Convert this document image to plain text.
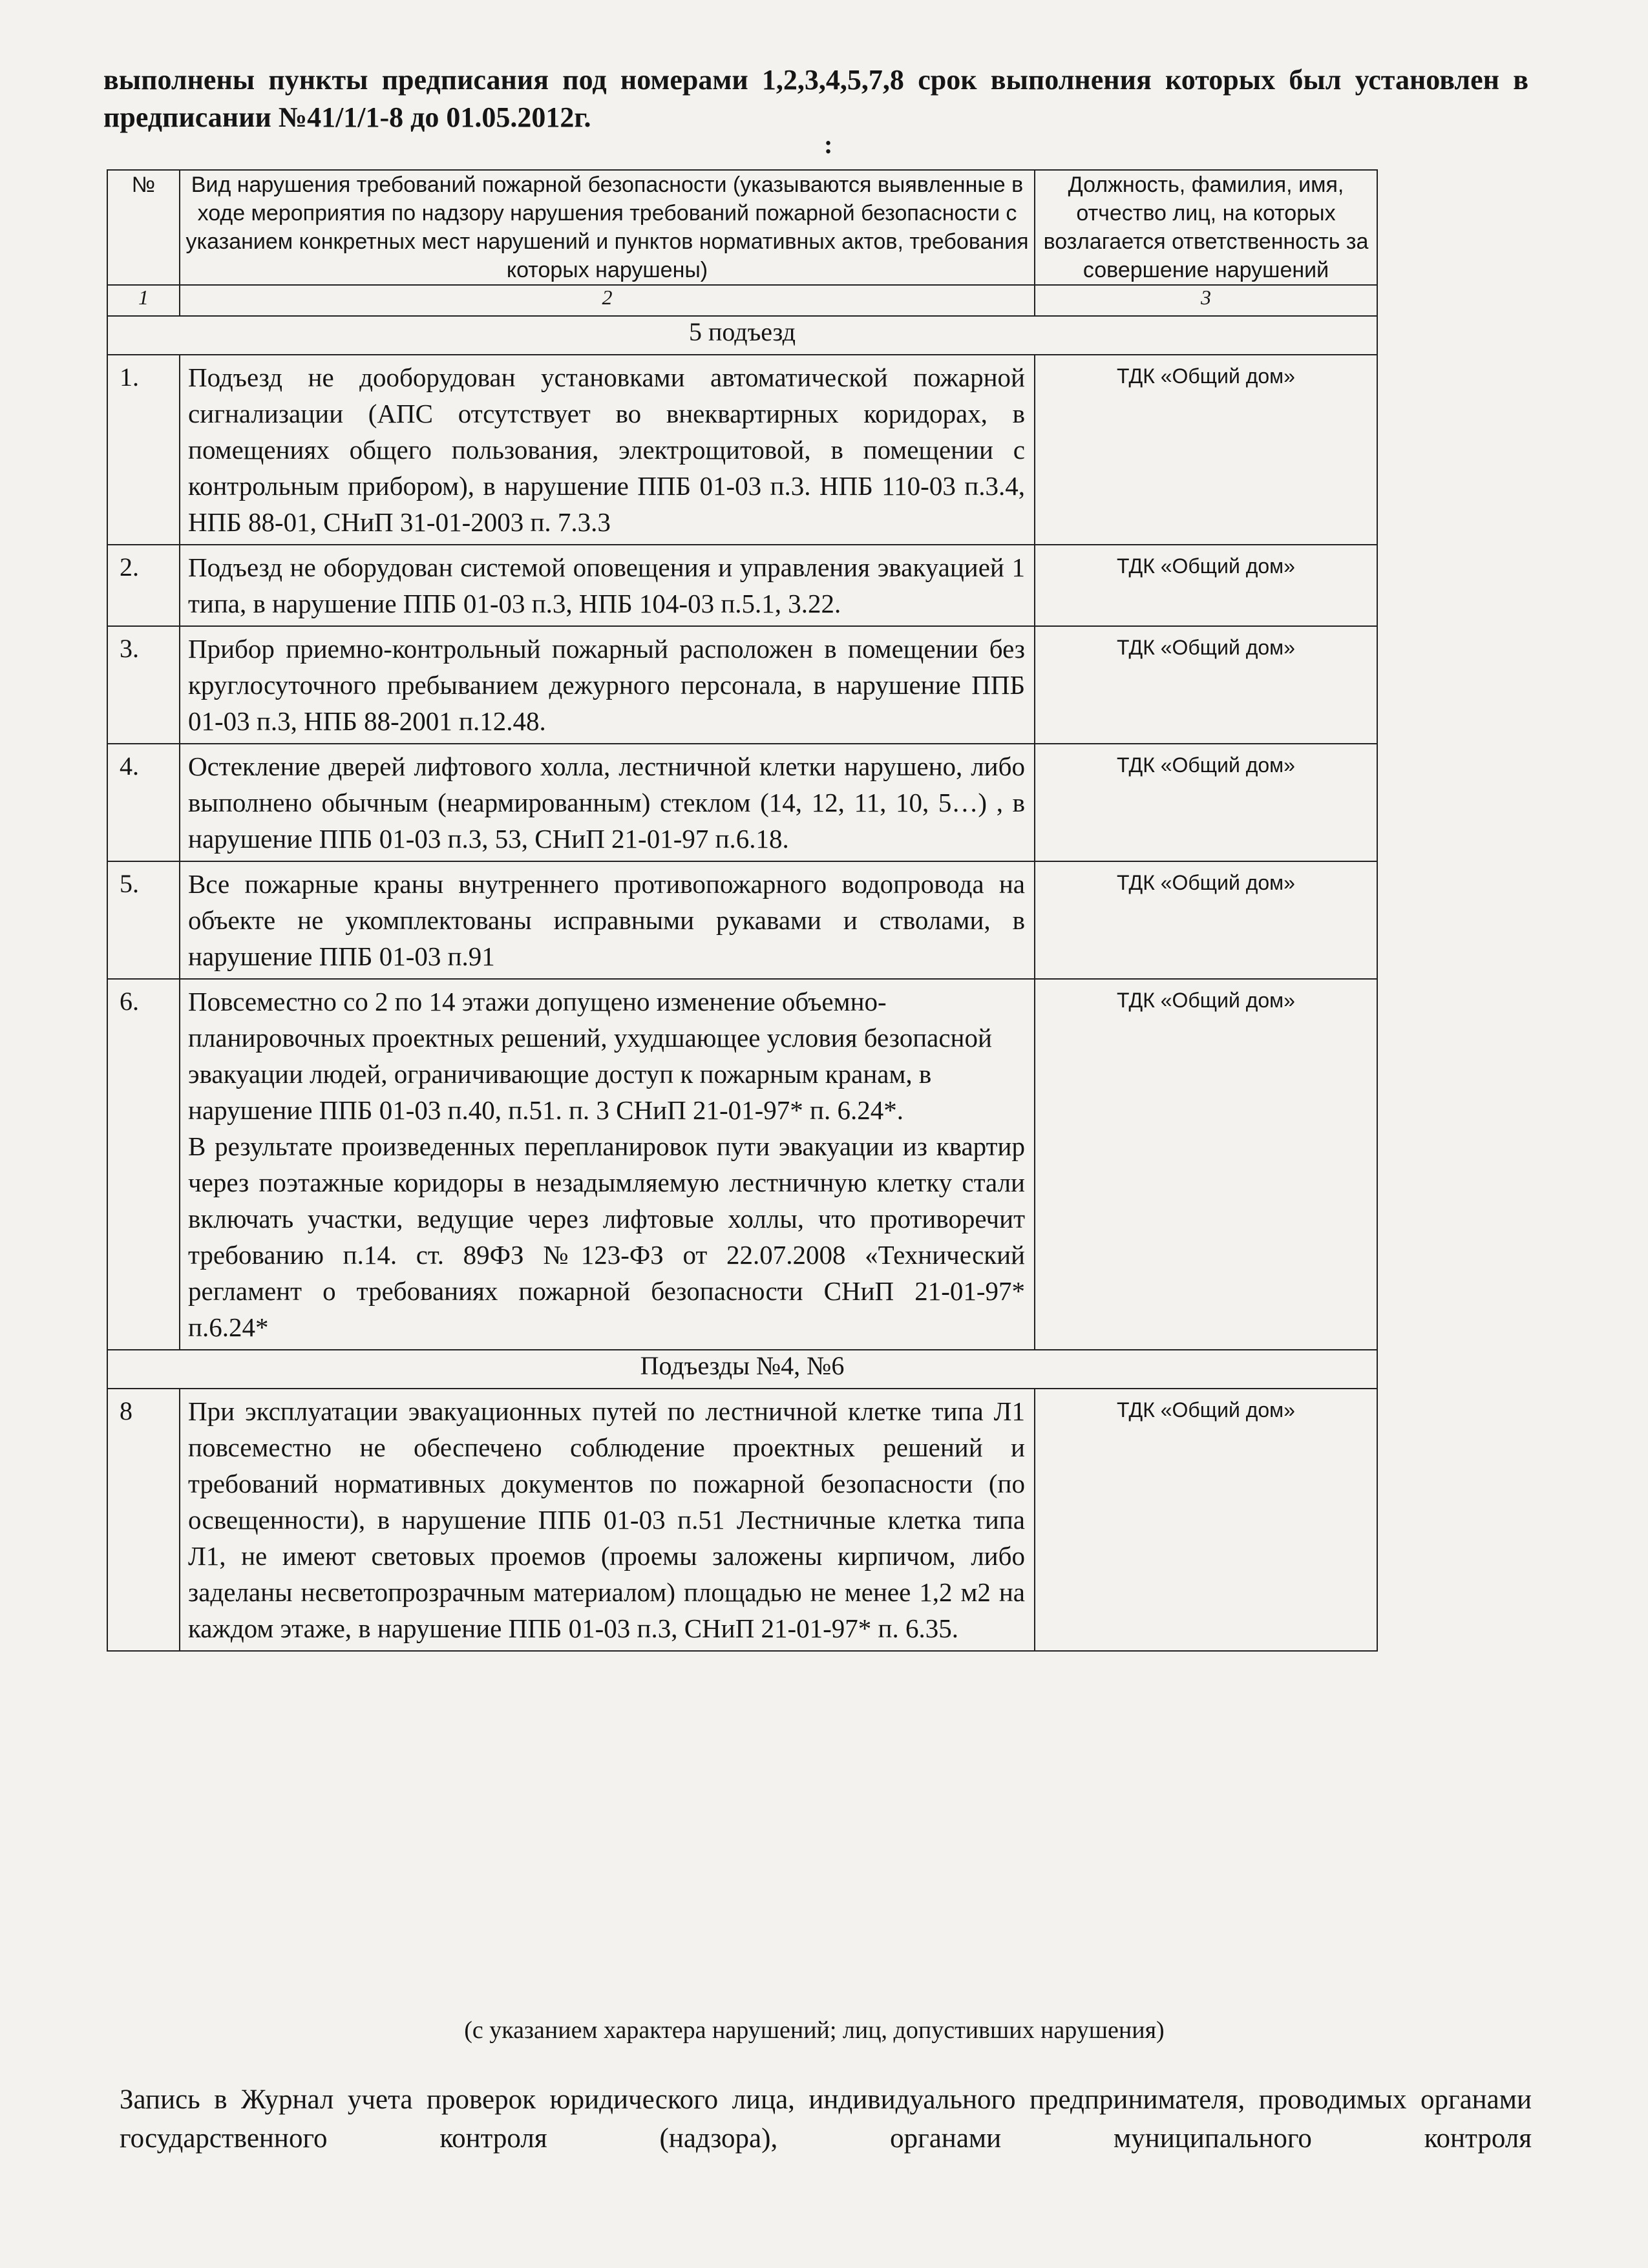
выполнены пункты предписания под номерами 1,2,3,4,5,7,8 срок выполнения которых был установлен в предписании №41/1/1-8 до 01.05.2012г.
:
№	Вид нарушения требований пожарной безопасности (указываются выявленные в ходе мероприятия по надзору нарушения требований пожарной безопасности с указанием конкретных мест нарушений и пунктов нормативных актов, требования которых нарушены)	Должность, фамилия, имя, отчество лиц, на которых возлагается ответственность за совершение нарушений
1	2	3
5 подъезд		
1.	Подъезд не дооборудован установками автоматической пожарной сигнализации (АПС отсутствует во внеквартирных коридорах, в помещениях общего пользования, электрощитовой, в помещении с контрольным прибором), в нарушение ППБ 01-03 п.3. НПБ 110-03 п.3.4, НПБ 88-01, СНиП 31-01-2003 п. 7.3.3	ТДК «Общий дом»
2.	Подъезд не оборудован системой оповещения и управления эвакуацией 1 типа, в нарушение ППБ 01-03 п.3, НПБ 104-03 п.5.1, 3.22.	ТДК «Общий дом»
3.	Прибор приемно-контрольный пожарный расположен в помещении без круглосуточного пребыванием дежурного персонала, в нарушение ППБ 01-03 п.3, НПБ 88-2001 п.12.48.	ТДК «Общий дом»
4.	Остекление дверей лифтового холла, лестничной клетки нарушено, либо выполнено обычным (неармированным) стеклом (14, 12, 11, 10, 5…) , в нарушение ППБ 01-03 п.3, 53, СНиП 21-01-97 п.6.18.	ТДК «Общий дом»
5.	Все пожарные краны внутреннего противопожарного водопровода на объекте не укомплектованы исправными рукавами и стволами, в нарушение ППБ 01-03 п.91	ТДК «Общий дом»
6.	Повсеместно со 2 по 14 этажи допущено изменение объемно-планировочных проектных решений, ухудшающее условия безопасной эвакуации людей, ограничивающие доступ к пожарным кранам, в нарушение ППБ 01-03 п.40, п.51. п. 3 СНиП 21-01-97* п. 6.24*.

В результате произведенных перепланировок пути эвакуации из квартир через поэтажные коридоры в незадымляемую лестничную клетку стали включать участки, ведущие через лифтовые холлы, что противоречит требованию п.14. ст. 89ФЗ №123-ФЗ от 22.07.2008 «Технический регламент о требованиях пожарной безопасности СНиП 21-01-97* п.6.24*	ТДК «Общий дом»
Подъезды №4, №6		
8	При эксплуатации эвакуационных путей по лестничной клетке типа Л1 повсеместно не обеспечено соблюдение проектных решений и требований нормативных документов по пожарной безопасности (по освещенности), в нарушение ППБ 01-03 п.51 Лестничные клетка типа Л1, не имеют световых проемов (проемы заложены кирпичом, либо заделаны несветопрозрачным материалом) площадью не менее 1,2 м2 на каждом этаже, в нарушение ППБ 01-03 п.3, СНиП 21-01-97* п. 6.35.	ТДК «Общий дом»
(с указанием характера нарушений; лиц, допустивших нарушения)
Запись в Журнал учета проверок юридического лица, индивидуального предпринимателя, проводимых органами государственного контроля (надзора), органами муниципального контроля
